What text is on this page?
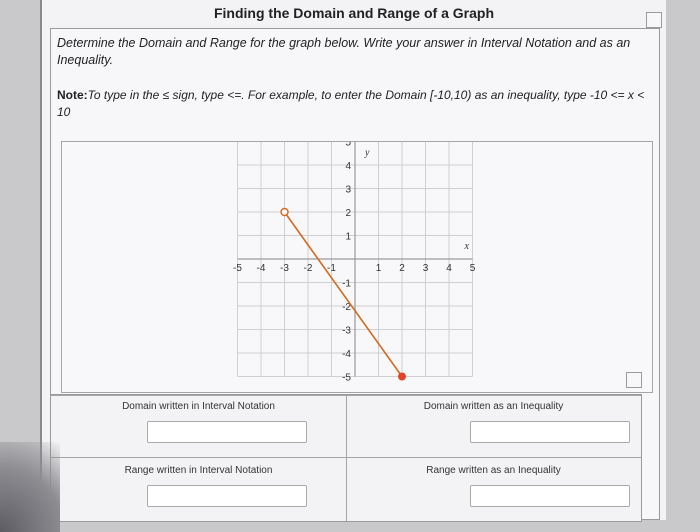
Finding the Domain and Range of a Graph
Determine the Domain and Range for the graph below. Write your answer in Interval Notation and as an Inequality.
Note:To type in the ≤ sign, type <=. For example, to enter the Domain [-10,10) as an inequality, type -10 <= x < 10
-5 -4 -3 -2 -1	1 2 3 4 5
5
4
3
2
1
-1
-2
-3
-4
-5
x
y
Domain written in Interval Notation	Domain written as an Inequality
Range written in Interval Notation	Range written as an Inequality
